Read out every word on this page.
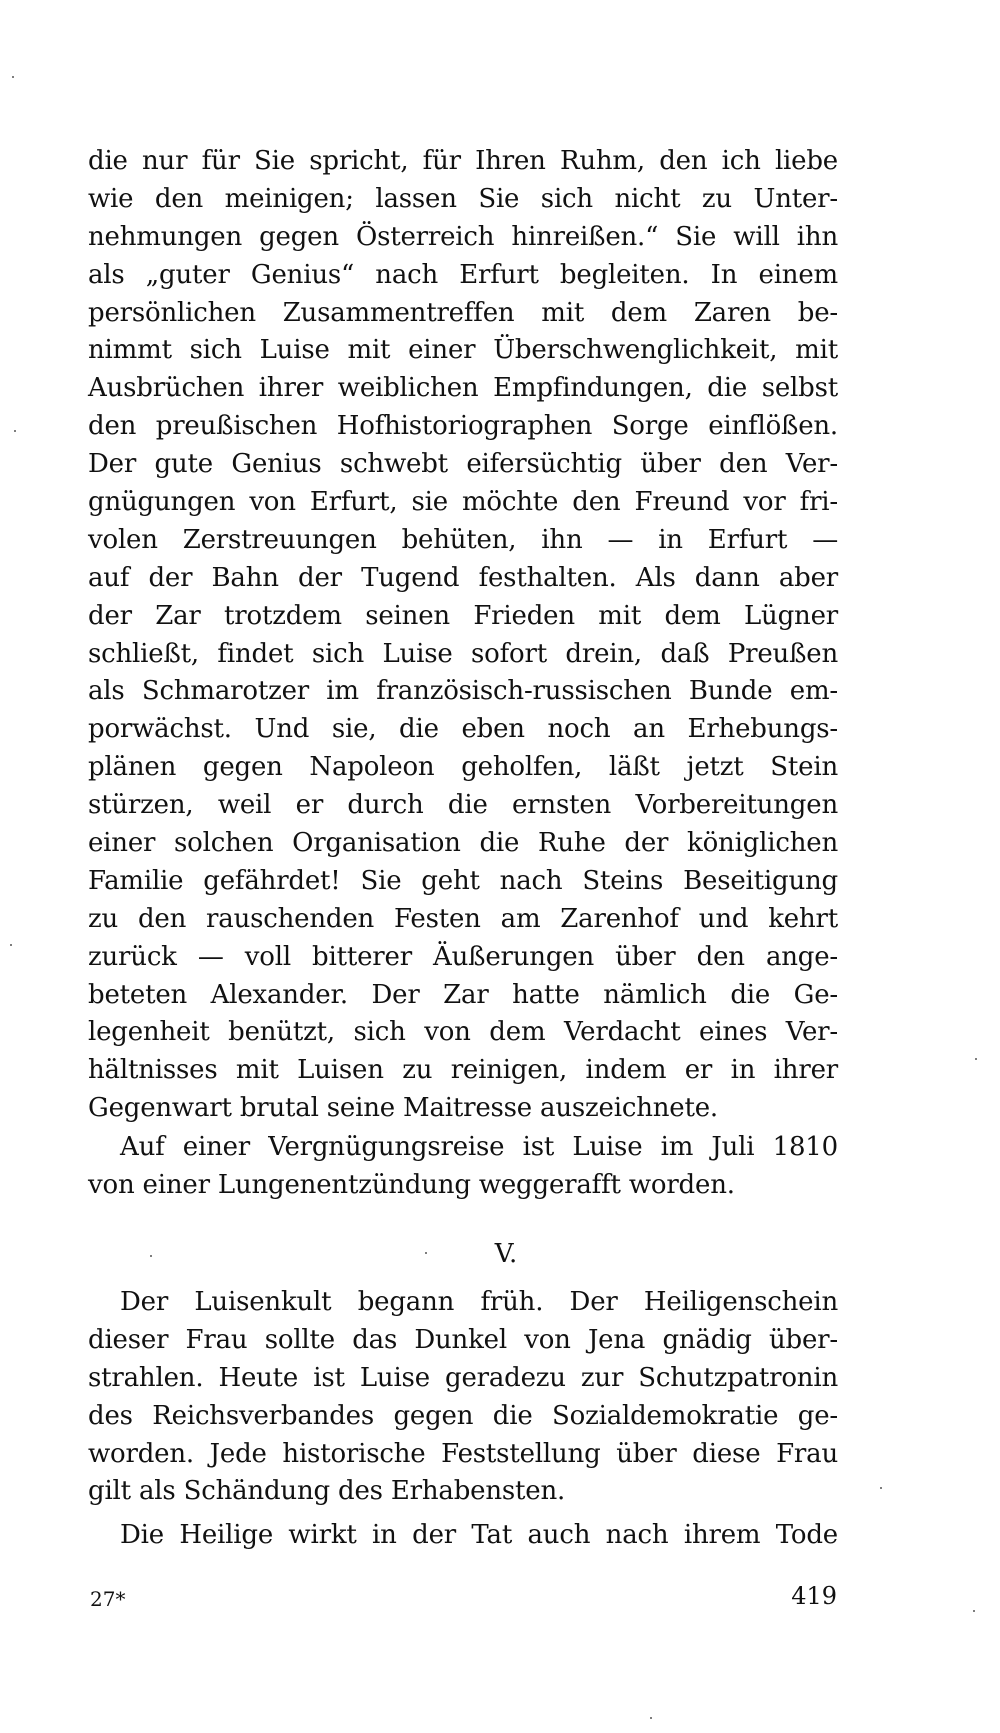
die nur für Sie spricht, für Ihren Ruhm, den ich liebe
wie den meinigen; lassen Sie sich nicht zu Unter-
nehmungen gegen Österreich hinreißen.“ Sie will ihn
als „guter Genius“ nach Erfurt begleiten. In einem
persönlichen Zusammentreffen mit dem Zaren be-
nimmt sich Luise mit einer Überschwenglichkeit, mit
Ausbrüchen ihrer weiblichen Empfindungen, die selbst
den preußischen Hofhistoriographen Sorge einflößen.
Der gute Genius schwebt eifersüchtig über den Ver-
gnügungen von Erfurt, sie möchte den Freund vor fri-
volen Zerstreuungen behüten, ihn — in Erfurt —
auf der Bahn der Tugend festhalten. Als dann aber
der Zar trotzdem seinen Frieden mit dem Lügner
schließt, findet sich Luise sofort drein, daß Preußen
als Schmarotzer im französisch-russischen Bunde em-
porwächst. Und sie, die eben noch an Erhebungs-
plänen gegen Napoleon geholfen, läßt jetzt Stein
stürzen, weil er durch die ernsten Vorbereitungen
einer solchen Organisation die Ruhe der königlichen
Familie gefährdet! Sie geht nach Steins Beseitigung
zu den rauschenden Festen am Zarenhof und kehrt
zurück — voll bitterer Äußerungen über den ange-
beteten Alexander. Der Zar hatte nämlich die Ge-
legenheit benützt, sich von dem Verdacht eines Ver-
hältnisses mit Luisen zu reinigen, indem er in ihrer
Gegenwart brutal seine Maitresse auszeichnete.
Auf einer Vergnügungsreise ist Luise im Juli 1810
von einer Lungenentzündung weggerafft worden.
V.
Der Luisenkult begann früh. Der Heiligenschein
dieser Frau sollte das Dunkel von Jena gnädig über-
strahlen. Heute ist Luise geradezu zur Schutzpatronin
des Reichsverbandes gegen die Sozialdemokratie ge-
worden. Jede historische Feststellung über diese Frau
gilt als Schändung des Erhabensten.
Die Heilige wirkt in der Tat auch nach ihrem Tode
27*	419
